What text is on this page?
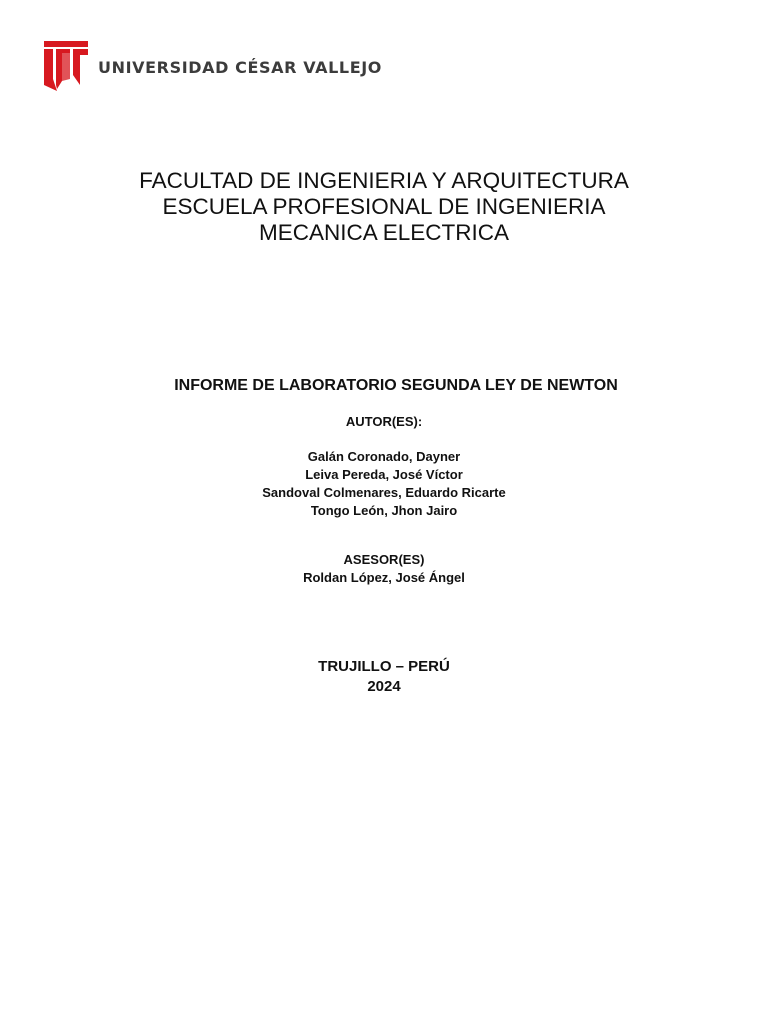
UNIVERSIDAD CÉSAR VALLEJO
FACULTAD DE INGENIERIA Y ARQUITECTURA
ESCUELA PROFESIONAL DE INGENIERIA
MECANICA ELECTRICA
INFORME DE LABORATORIO SEGUNDA LEY DE NEWTON
AUTOR(ES):
Galán Coronado, Dayner
Leiva Pereda, José Víctor
Sandoval Colmenares, Eduardo Ricarte
Tongo León, Jhon Jairo
ASESOR(ES)
Roldan López, José Ángel
TRUJILLO – PERÚ
2024
